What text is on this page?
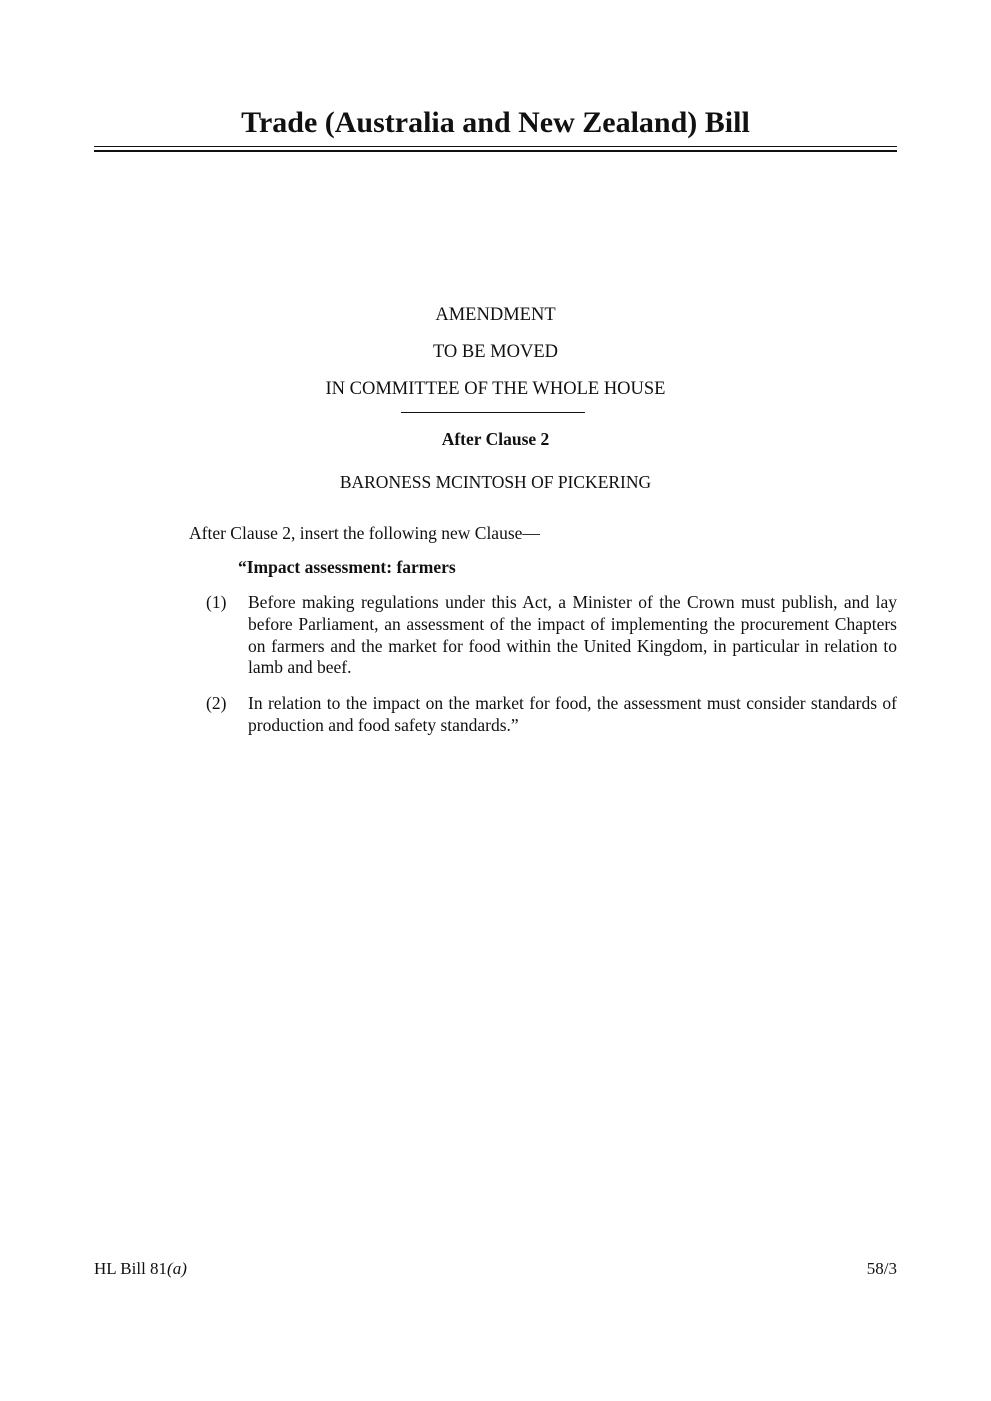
Trade (Australia and New Zealand) Bill
AMENDMENT
TO BE MOVED
IN COMMITTEE OF THE WHOLE HOUSE
After Clause 2
BARONESS MCINTOSH OF PICKERING
After Clause 2, insert the following new Clause—
“Impact assessment: farmers
(1) Before making regulations under this Act, a Minister of the Crown must publish, and lay before Parliament, an assessment of the impact of implementing the procurement Chapters on farmers and the market for food within the United Kingdom, in particular in relation to lamb and beef.
(2) In relation to the impact on the market for food, the assessment must consider standards of production and food safety standards.”
HL Bill 81(a)	58/3
